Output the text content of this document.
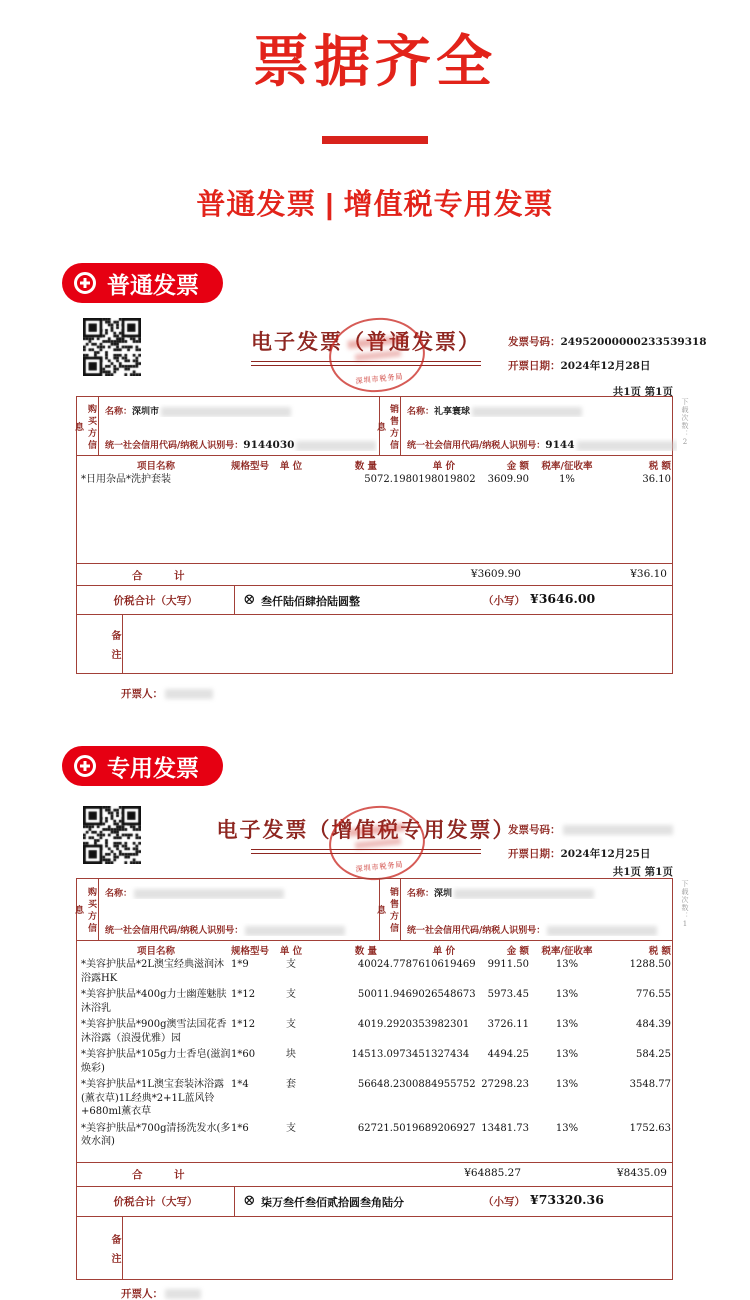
票据齐全
普通发票 | 增值税专用发票
普通发票
电子发票（普通发票）
深圳市税务局
发票号码：24952000000233539318
开票日期：2024年12月28日
共1页 第1页
购买方信息
名称：深圳市
统一社会信用代码/纳税人识别号：9144030	销售方信息
名称：礼享寰球
统一社会信用代码/纳税人识别号：9144
项目名称	规格型号	单 位	数 量	单 价	金 额	税率/征收率	税 额
*日用杂品*洗护套装	50 72.1980198019802	3609.90	1%	36.10
合　　　计	¥3609.90	¥36.10
价税合计（大写）	⊗ 叁仟陆佰肆拾陆圆整	（小写） ¥3646.00
备注
开票人：
下载次数：2
专用发票
电子发票（增值税专用发票）
深圳市税务局
发票号码：
开票日期：2024年12月25日
共1页 第1页
购买方信息
名称：
统一社会信用代码/纳税人识别号：	销售方信息
名称：深圳
统一社会信用代码/纳税人识别号：
项目名称	规格型号	单 位	数 量	单 价	金 额	税率/征收率	税 额
*美容护肤品*2L澳宝经典滋润沐浴露HK
1*9	支	400 24.7787610619469	9911.50	13%	1288.50
*美容护肤品*400g力士幽莲魅肤沐浴乳
1*12	支	500 11.9469026548673	5973.45	13%	776.55
*美容护肤品*900g澳雪法国花香沐浴露（浪漫优雅）园
1*12	支	401 9.2920353982301	3726.11	13%	484.39
*美容护肤品*105g力士香皂(滋润焕彩)
1*60	块	1451 3.0973451327434	4494.25	13%	584.25
*美容护肤品*1L澳宝套装沐浴露(薰衣草)1L经典*2+1L蓝风铃+680ml薰衣草
1*4	套	566 48.2300884955752 27298.23	13%	3548.77
*美容护肤品*700g清扬洗发水(多效水润)
1*6	支	627 21.5019689206927 13481.73	13%	1752.63
合　　　计	¥64885.27	¥8435.09
价税合计（大写）	⊗ 柒万叁仟叁佰贰拾圆叁角陆分	（小写） ¥73320.36
备注
开票人：
下载次数：1
